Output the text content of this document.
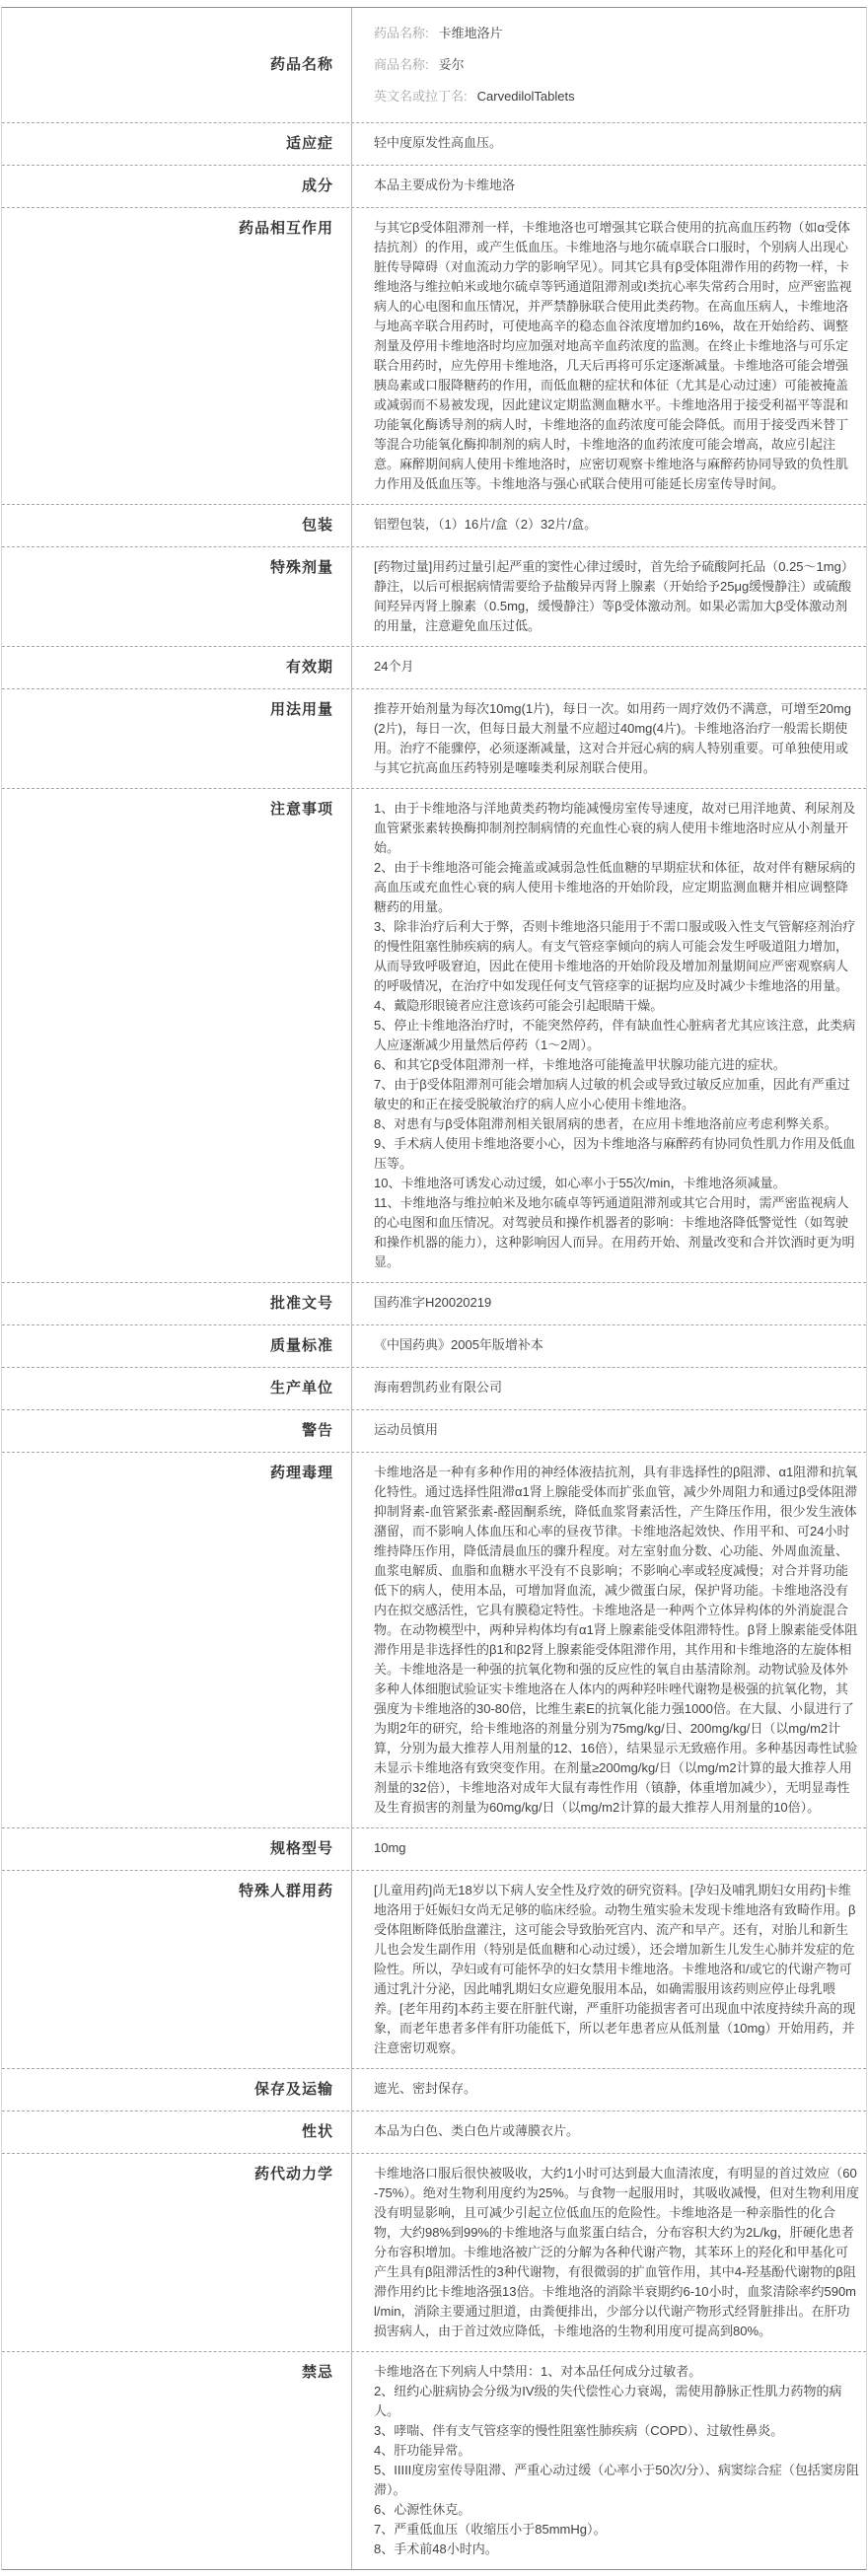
药品名称
药品名称: 卡维地洛片
商品名称: 妥尔
英文名或拉丁名: CarvedilolTablets
适应症	轻中度原发性高血压。

成分	本品主要成份为卡维地洛

药品相互作用	与其它β受体阻滞剂一样，卡维地洛也可增强其它联合使用的抗高血压药物（如α受体拮抗剂）的作用，或产生低血压。卡维地洛与地尔硫卓联合口服时，个别病人出现心脏传导障碍（对血流动力学的影响罕见）。同其它具有β受体阻滞作用的药物一样，卡维地洛与维拉帕米或地尔硫卓等钙通道阻滞剂或I类抗心率失常药合用时，应严密监视病人的心电图和血压情况，并严禁静脉联合使用此类药物。在高血压病人，卡维地洛与地高辛联合用药时，可使地高辛的稳态血谷浓度增加约16%，故在开始给药、调整剂量及停用卡维地洛时均应加强对地高辛血药浓度的监测。在终止卡维地洛与可乐定联合用药时，应先停用卡维地洛，几天后再将可乐定逐渐减量。卡维地洛可能会增强胰岛素或口服降糖药的作用，而低血糖的症状和体征（尤其是心动过速）可能被掩盖或减弱而不易被发现，因此建议定期监测血糖水平。卡维地洛用于接受利福平等混和功能氧化酶诱导剂的病人时，卡维地洛的血药浓度可能会降低。而用于接受西米替丁等混合功能氧化酶抑制剂的病人时，卡维地洛的血药浓度可能会增高，故应引起注意。麻醉期间病人使用卡维地洛时，应密切观察卡维地洛与麻醉药协同导致的负性肌力作用及低血压等。卡维地洛与强心甙联合使用可能延长房室传导时间。

包装	铝塑包装，（1）16片/盒（2）32片/盒。

特殊剂量	[药物过量]用药过量引起严重的窦性心律过缓时，首先给予硫酸阿托品（0.25～1mg）静注，以后可根据病情需要给予盐酸异丙肾上腺素（开始给予25μg缓慢静注）或硫酸间羟异丙肾上腺素（0.5mg，缓慢静注）等β受体激动剂。如果必需加大β受体激动剂的用量，注意避免血压过低。

有效期	24个月

用法用量	推荐开始剂量为每次10mg(1片)，每日一次。如用药一周疗效仍不满意，可增至20mg(2片)，每日一次，但每日最大剂量不应超过40mg(4片)。卡维地洛治疗一般需长期使用。治疗不能骤停，必须逐渐减量，这对合并冠心病的病人特别重要。可单独使用或与其它抗高血压药特别是噻嗪类利尿剂联合使用。

注意事项	1、由于卡维地洛与洋地黄类药物均能减慢房室传导速度，故对已用洋地黄、利尿剂及血管紧张素转换酶抑制剂控制病情的充血性心衰的病人使用卡维地洛时应从小剂量开始。

2、由于卡维地洛可能会掩盖或减弱急性低血糖的早期症状和体征，故对伴有糖尿病的高血压或充血性心衰的病人使用卡维地洛的开始阶段，应定期监测血糖并相应调整降糖药的用量。

3、除非治疗后利大于弊，否则卡维地洛只能用于不需口服或吸入性支气管解痉剂治疗的慢性阻塞性肺疾病的病人。有支气管痉挛倾向的病人可能会发生呼吸道阻力增加，从而导致呼吸窘迫，因此在使用卡维地洛的开始阶段及增加剂量期间应严密观察病人的呼吸情况，在治疗中如发现任何支气管痉挛的证据均应及时减少卡维地洛的用量。

4、戴隐形眼镜者应注意该药可能会引起眼睛干燥。

5、停止卡维地洛治疗时，不能突然停药，伴有缺血性心脏病者尤其应该注意，此类病人应逐渐减少用量然后停药（1～2周）。

6、和其它β受体阻滞剂一样，卡维地洛可能掩盖甲状腺功能亢进的症状。

7、由于β受体阻滞剂可能会增加病人过敏的机会或导致过敏反应加重，因此有严重过敏史的和正在接受脱敏治疗的病人应小心使用卡维地洛。

8、对患有与β受体阻滞剂相关银屑病的患者，在应用卡维地洛前应考虑利弊关系。

9、手术病人使用卡维地洛要小心，因为卡维地洛与麻醉药有协同负性肌力作用及低血压等。

10、卡维地洛可诱发心动过缓，如心率小于55次/min，卡维地洛须减量。

11、卡维地洛与维拉帕米及地尔硫卓等钙通道阻滞剂或其它合用时，需严密监视病人的心电图和血压情况。对驾驶员和操作机器者的影响：卡维地洛降低警觉性（如驾驶和操作机器的能力），这种影响因人而异。在用药开始、剂量改变和合并饮酒时更为明显。

批准文号	国药准字H20020219

质量标准	《中国药典》2005年版增补本

生产单位	海南碧凯药业有限公司

警告	运动员慎用

药理毒理	卡维地洛是一种有多种作用的神经体液拮抗剂，具有非选择性的β阻滞、α1阻滞和抗氧化特性。通过选择性阻滞α1肾上腺能受体而扩张血管，减少外周阻力和通过β受体阻滞抑制肾素-血管紧张素-醛固酮系统，降低血浆肾素活性，产生降压作用，很少发生液体潴留，而不影响人体血压和心率的昼夜节律。卡维地洛起效快、作用平和、可24小时维持降压作用，降低清晨血压的骤升程度。对左室射血分数、心功能、外周血流量、血浆电解质、血脂和血糖水平没有不良影响；不影响心率或轻度减慢；对合并肾功能低下的病人，使用本品，可增加肾血流，减少微蛋白尿，保护肾功能。卡维地洛没有内在拟交感活性，它具有膜稳定特性。卡维地洛是一种两个立体异构体的外消旋混合物。在动物模型中，两种异构体均有α1肾上腺素能受体阻滞特性。β肾上腺素能受体阻滞作用是非选择性的β1和β2肾上腺素能受体阻滞作用，其作用和卡维地洛的左旋体相关。卡维地洛是一种强的抗氧化物和强的反应性的氧自由基清除剂。动物试验及体外多种人体细胞试验证实卡维地洛在人体内的两种羟咔唑代谢物是极强的抗氧化物，其强度为卡维地洛的30-80倍，比维生素E的抗氧化能力强1000倍。在大鼠、小鼠进行了为期2年的研究，给卡维地洛的剂量分别为75mg/kg/日、200mg/kg/日（以mg/m2计算，分别为最大推荐人用剂量的12、16倍），结果显示无致癌作用。多种基因毒性试验未显示卡维地洛有致突变作用。在剂量≥200mg/kg/日（以mg/m2计算的最大推荐人用剂量的32倍），卡维地洛对成年大鼠有毒性作用（镇静，体重增加减少），无明显毒性及生育损害的剂量为60mg/kg/日（以mg/m2计算的最大推荐人用剂量的10倍）。

规格型号	10mg

特殊人群用药	[儿童用药]尚无18岁以下病人安全性及疗效的研究资料。[孕妇及哺乳期妇女用药]卡维地洛用于妊娠妇女尚无足够的临床经验。动物生殖实验未发现卡维地洛有致畸作用。β受体阻断降低胎盘灌注，这可能会导致胎死宫内、流产和早产。还有，对胎儿和新生儿也会发生副作用（特别是低血糖和心动过缓），还会增加新生儿发生心肺并发症的危险性。所以，孕妇或有可能怀孕的妇女禁用卡维地洛。卡维地洛和/或它的代谢产物可通过乳汁分泌，因此哺乳期妇女应避免服用本品，如确需服用该药则应停止母乳喂养。[老年用药]本药主要在肝脏代谢，严重肝功能损害者可出现血中浓度持续升高的现象，而老年患者多伴有肝功能低下，所以老年患者应从低剂量（10mg）开始用药，并注意密切观察。

保存及运输	遮光、密封保存。

性状	本品为白色、类白色片或薄膜衣片。

药代动力学	卡维地洛口服后很快被吸收，大约1小时可达到最大血清浓度，有明显的首过效应（60-75%）。绝对生物利用度约为25%。与食物一起服用时，其吸收减慢，但对生物利用度没有明显影响，且可减少引起立位低血压的危险性。卡维地洛是一种亲脂性的化合物，大约98%到99%的卡维地洛与血浆蛋白结合，分布容积大约为2L/kg，肝硬化患者分布容积增加。卡维地洛被广泛的分解为各种代谢产物，其苯环上的羟化和甲基化可产生具有β阻滞活性的3种代谢物，有很微弱的扩血管作用，其中4-羟基酚代谢物的β阻滞作用约比卡维地洛强13倍。卡维地洛的消除半衰期约6-10小时，血浆清除率约590ml/min，消除主要通过胆道，由粪便排出，少部分以代谢产物形式经肾脏排出。在肝功损害病人，由于首过效应降低，卡维地洛的生物利用度可提高到80%。

禁忌	卡维地洛在下列病人中禁用：1、对本品任何成分过敏者。

2、纽约心脏病协会分级为IV级的失代偿性心力衰竭，需使用静脉正性肌力药物的病人。

3、哮喘、伴有支气管痉挛的慢性阻塞性肺疾病（COPD）、过敏性鼻炎。

4、肝功能异常。

5、IIIII度房室传导阻滞、严重心动过缓（心率小于50次/分）、病窦综合症（包括窦房阻滞）。

6、心源性休克。

7、严重低血压（收缩压小于85mmHg）。

8、手术前48小时内。
